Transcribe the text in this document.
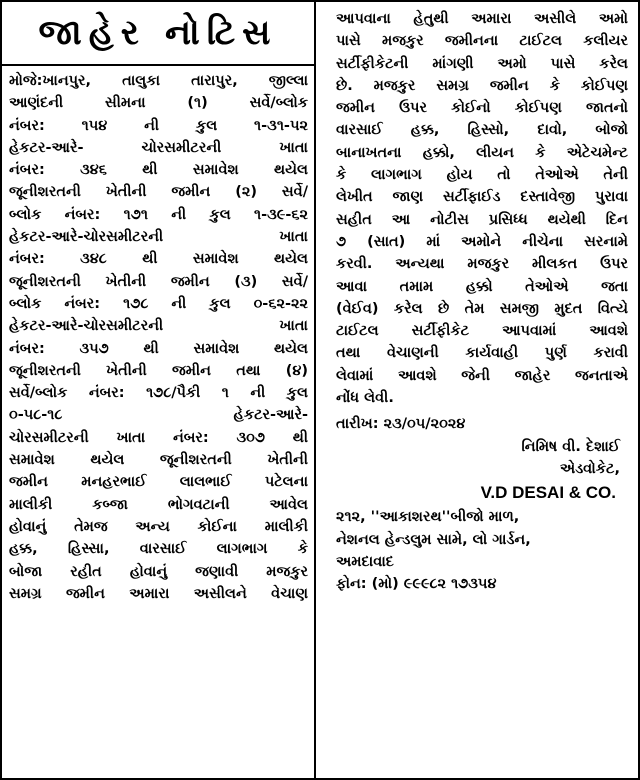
જાહેર નોટિસ
મોજે:ખાનપુર, તાલુકા તારાપુર, જીલ્લા
આણંદની સીમના (૧) સર્વે/બ્લોક
નંબર: ૧૫૪ ની કુલ ૧-૩૧-૫૨
હેકટર-આરે- ચોરસમીટરની ખાતા
નંબર: ૩૪૬ થી સમાવેશ થયેલ
જૂનીશરતની ખેતીની જમીન (૨) સર્વે/
બ્લોક નંબર: ૧૭૧ ની કુલ ૧-૩૯-૬૨
હેકટર-આરે-ચોરસમીટરની ખાતા
નંબર: ૩૪૮ થી સમાવેશ થયેલ
જૂનીશરતની ખેતીની જમીન (૩) સર્વે/
બ્લોક નંબર: ૧૭૮ ની કુલ ૦-૬૨-૨૨
હેકટર-આરે-ચોરસમીટરની ખાતા
નંબર: ૩૫૭ થી સમાવેશ થયેલ
જૂનીશરતની ખેતીની જમીન તથા (૪)
સર્વે/બ્લોક નંબર: ૧૭૮/પૈકી ૧ ની કુલ
૦-૫૮-૧૮ હેકટર-આરે-
ચોરસમીટરની ખાતા નંબર: ૩૦૭ થી
સમાવેશ થયેલ જૂનીશરતની ખેતીની
જમીન મનહરભાઈ લાલભાઈ પટેલના
માલીકી કબ્જા ભોગવટાની આવેલ
હોવાનું તેમજ અન્ય કોઈના માલીકી
હક્ક, હિસ્સા, વારસાઈ લાગભાગ કે
બોજા રહીત હોવાનું જણાવી મજકુર
સમગ્ર જમીન અમારા અસીલને વેચાણ
આપવાના હેતુથી અમારા અસીલે અમો
પાસે મજકુર જમીનના ટાઈટલ કલીયર
સર્ટીફીકેટની માંગણી અમો પાસે કરેલ
છે. મજકુર સમગ્ર જમીન કે કોઈપણ
જમીન ઉપર કોઈનો કોઈપણ જાતનો
વારસાઈ હક્ક, હિસ્સો, દાવો, બોજો
બાનાખતના હક્કો, લીયન કે એટેચમેન્ટ
કે લાગભાગ હોય તો તેઓએ તેની
લેખીત જાણ સર્ટીફાઈડ દસ્તાવેજી પુરાવા
સહીત આ નોટીસ પ્રસિધ્ધ થયેથી દિન
૭ (સાત) માં અમોને નીચેના સરનામે
કરવી. અન્યથા મજકુર મીલકત ઉપર
આવા તમામ હક્કો તેઓએ જતા
(વેઈવ) કરેલ છે તેમ સમજી મુદત વિત્યે
ટાઈટલ સર્ટીફીકેટ આપવામાં આવશે
તથા વેચાણની કાર્યવાહી પુર્ણ કરાવી
લેવામાં આવશે જેની જાહેર જનતાએ
નોંધ લેવી.
તારીખ: ૨૩/૦૫/૨૦૨૪
નિમિષ વી. દેશાઈ
એડવોકેટ,
V.D DESAI & CO.
૨૧૨, ''આકાશરથ''બીજો માળ,
નેશનલ હેન્ડલુમ સામે, લો ગાર્ડન,
અમદાવાદ
ફોન: (મો) ૯૯૯૮૨ ૧૭૩૫૪
